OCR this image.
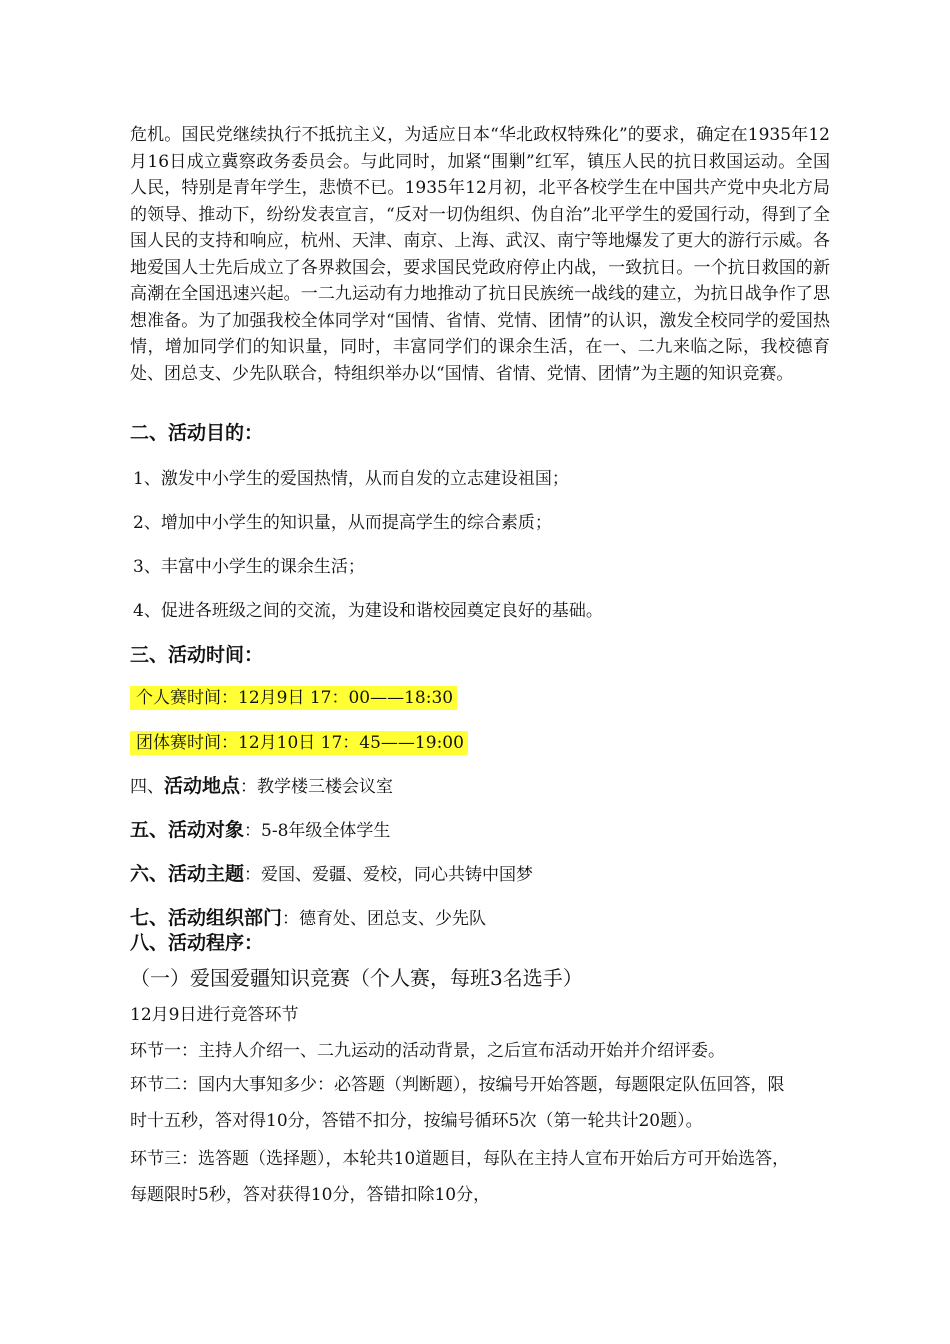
危机。国民党继续执行不抵抗主义，为适应日本“华北政权特殊化”的要求，确定在1935年12月16日成立冀察政务委员会。与此同时，加紧“围剿”红军，镇压人民的抗日救国运动。全国人民，特别是青年学生，悲愤不已。1935年12月初，北平各校学生在中国共产党中央北方局的领导、推动下，纷纷发表宣言，“反对一切伪组织、伪自治”北平学生的爱国行动，得到了全国人民的支持和响应，杭州、天津、南京、上海、武汉、南宁等地爆发了更大的游行示威。各地爱国人士先后成立了各界救国会，要求国民党政府停止内战，一致抗日。一个抗日救国的新高潮在全国迅速兴起。一二九运动有力地推动了抗日民族统一战线的建立，为抗日战争作了思想准备。为了加强我校全体同学对“国情、省情、党情、团情”的认识，激发全校同学的爱国热情，增加同学们的知识量，同时，丰富同学们的课余生活，在一、二九来临之际，我校德育处、团总支、少先队联合，特组织举办以“国情、省情、党情、团情”为主题的知识竞赛。

二、活动目的：
1、激发中小学生的爱国热情，从而自发的立志建设祖国；
2、增加中小学生的知识量，从而提高学生的综合素质；
3、丰富中小学生的课余生活；
4、促进各班级之间的交流，为建设和谐校园奠定良好的基础。
三、活动时间：
个人赛时间：12月9日 17：00——18:30
团体赛时间：12月10日 17：45——19:00
四、活动地点：教学楼三楼会议室
五、活动对象：5-8年级全体学生
六、活动主题：爱国、爱疆、爱校，同心共铸中国梦
七、活动组织部门：德育处、团总支、少先队
八、活动程序：
（一）爱国爱疆知识竞赛（个人赛，每班3名选手）
12月9日进行竞答环节
环节一：主持人介绍一、二九运动的活动背景，之后宣布活动开始并介绍评委。
环节二：国内大事知多少：必答题（判断题），按编号开始答题，每题限定队伍回答，限
时十五秒，答对得10分，答错不扣分，按编号循环5次（第一轮共计20题）。
环节三：选答题（选择题），本轮共10道题目，每队在主持人宣布开始后方可开始选答，
每题限时5秒，答对获得10分，答错扣除10分，
